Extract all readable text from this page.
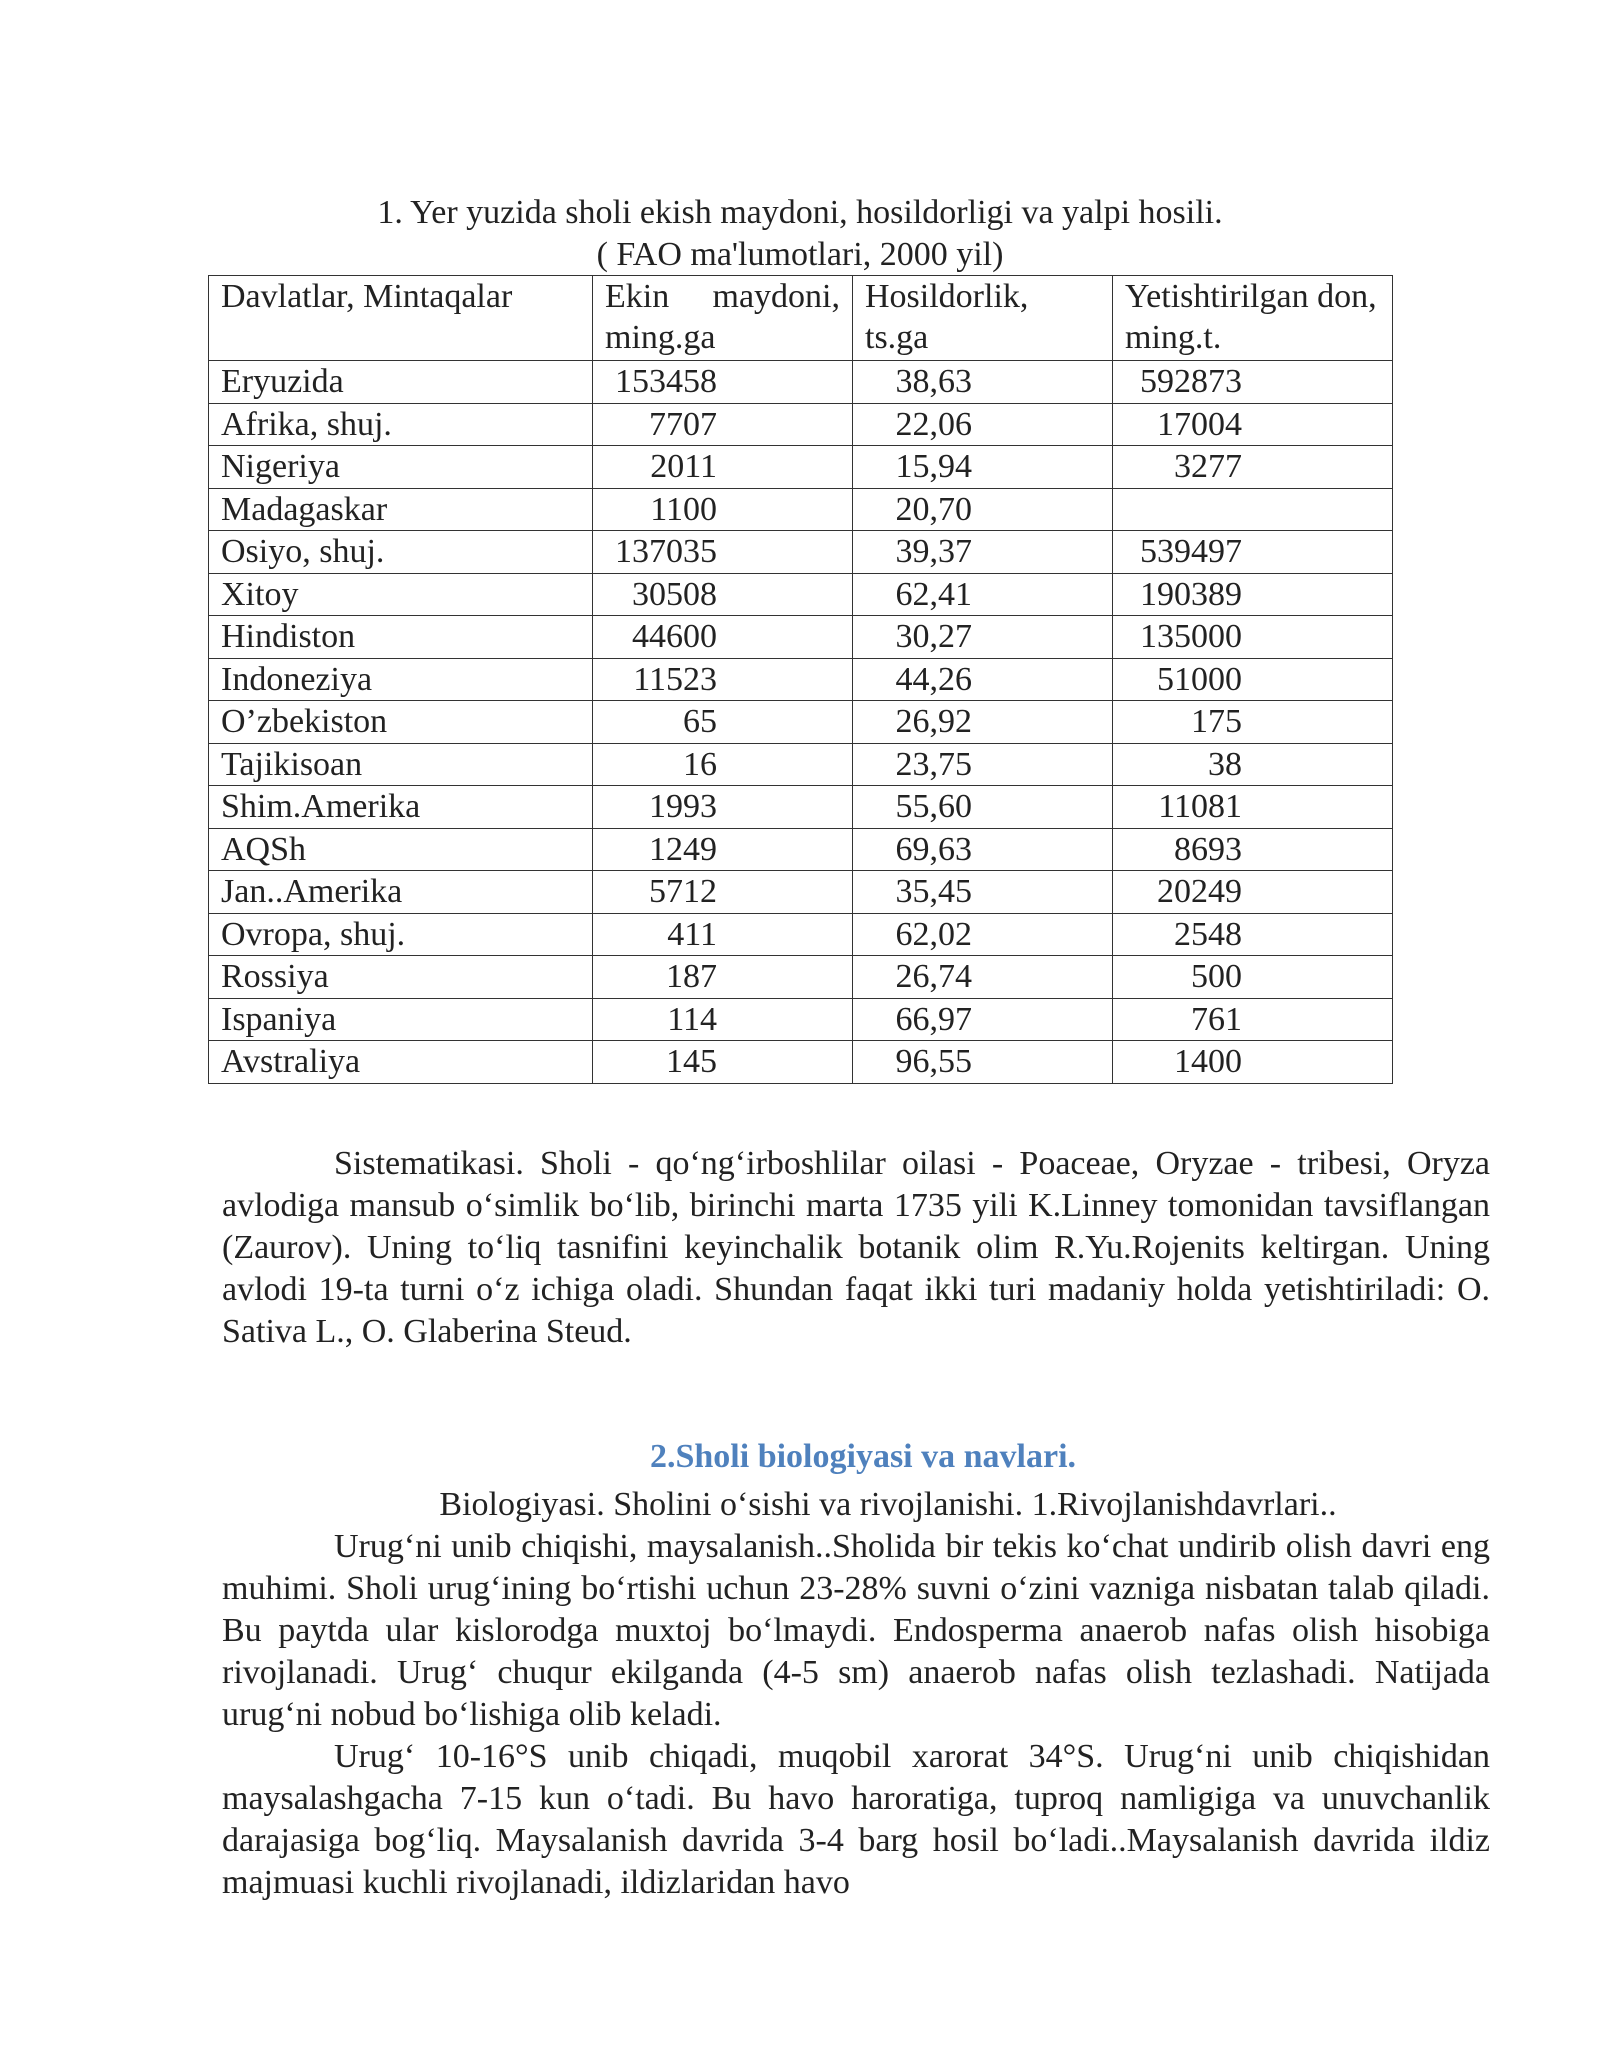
1. Yer yuzida sholi ekish maydoni, hosildorligi va yalpi hosili.
( FAO ma'lumotlari, 2000 yil)
Davlatlar, Mintaqalar	Ekin maydoni, ming.ga	Hosildorlik, ts.ga	Yetishtirilgan don, ming.t.
Eryuzida	153458	38,63	592873
Afrika, shuj.	7707	22,06	17004
Nigeriya	2011	15,94	3277
Madagaskar	1100	20,70	
Osiyo, shuj.	137035	39,37	539497
Xitoy	30508	62,41	190389
Hindiston	44600	30,27	135000
Indoneziya	11523	44,26	51000
O’zbekiston	65	26,92	175
Tajikisoan	16	23,75	38
Shim.Amerika	1993	55,60	11081
AQSh	1249	69,63	8693
Jan..Amerika	5712	35,45	20249
Ovropa, shuj.	411	62,02	2548
Rossiya	187	26,74	500
Ispaniya	114	66,97	761
Avstraliya	145	96,55	1400
Sistematikasi. Sholi - qo‘ng‘irboshlilar oilasi - Poaceae, Oryzae - tribesi, Oryza avlodiga mansub o‘simlik bo‘lib, birinchi marta 1735 yili K.Linney tomonidan tavsiflangan (Zaurov). Uning to‘liq tasnifini keyinchalik botanik olim R.Yu.Rojenits keltirgan. Uning avlodi 19-ta turni o‘z ichiga oladi. Shundan faqat ikki turi madaniy holda yetishtiriladi: O. Sativa L., O. Glaberina Steud.
2.Sholi biologiyasi va navlari.
Biologiyasi. Sholini o‘sishi va rivojlanishi. 1.Rivojlanishdavrlari..
Urug‘ni unib chiqishi, maysalanish..Sholida bir tekis ko‘chat undirib olish davri eng muhimi. Sholi urug‘ining bo‘rtishi uchun 23-28% suvni o‘zini vazniga nisbatan talab qiladi. Bu paytda ular kislorodga muxtoj bo‘lmaydi. Endosperma anaerob nafas olish hisobiga rivojlanadi. Urug‘ chuqur ekilganda (4-5 sm) anaerob nafas olish tezlashadi. Natijada urug‘ni nobud bo‘lishiga olib keladi.
Urug‘ 10-16°S unib chiqadi, muqobil xarorat 34°S. Urug‘ni unib chiqishidan maysalashgacha 7-15 kun o‘tadi. Bu havo haroratiga, tuproq namligiga va unuvchanlik darajasiga bog‘liq. Maysalanish davrida 3-4 barg hosil bo‘ladi..Maysalanish davrida ildiz majmuasi kuchli rivojlanadi, ildizlaridan havo
